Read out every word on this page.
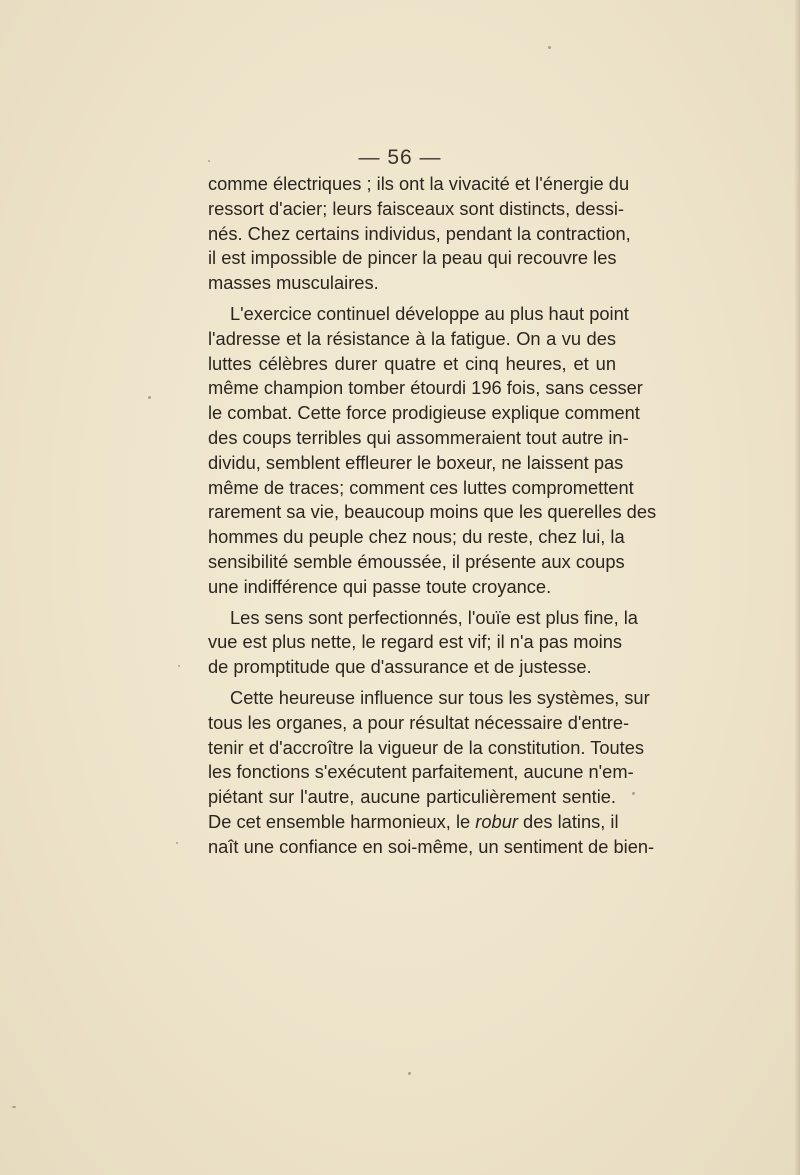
— 56 —
comme électriques ; ils ont la vivacité et l'énergie du
ressort d'acier; leurs faisceaux sont distincts, dessi-
nés. Chez certains individus, pendant la contraction,
il est impossible de pincer la peau qui recouvre les
masses musculaires.
L'exercice continuel développe au plus haut point
l'adresse et la résistance à la fatigue. On a vu des
luttes célèbres durer quatre et cinq heures, et un
même champion tomber étourdi 196 fois, sans cesser
le combat. Cette force prodigieuse explique comment
des coups terribles qui assommeraient tout autre in-
dividu, semblent effleurer le boxeur, ne laissent pas
même de traces; comment ces luttes compromettent
rarement sa vie, beaucoup moins que les querelles des
hommes du peuple chez nous; du reste, chez lui, la
sensibilité semble émoussée, il présente aux coups
une indifférence qui passe toute croyance.
Les sens sont perfectionnés, l'ouïe est plus fine, la
vue est plus nette, le regard est vif; il n'a pas moins
de promptitude que d'assurance et de justesse.
Cette heureuse influence sur tous les systèmes, sur
tous les organes, a pour résultat nécessaire d'entre-
tenir et d'accroître la vigueur de la constitution. Toutes
les fonctions s'exécutent parfaitement, aucune n'em-
piétant sur l'autre, aucune particulièrement sentie.
De cet ensemble harmonieux, le robur des latins, il
naît une confiance en soi-même, un sentiment de bien-
